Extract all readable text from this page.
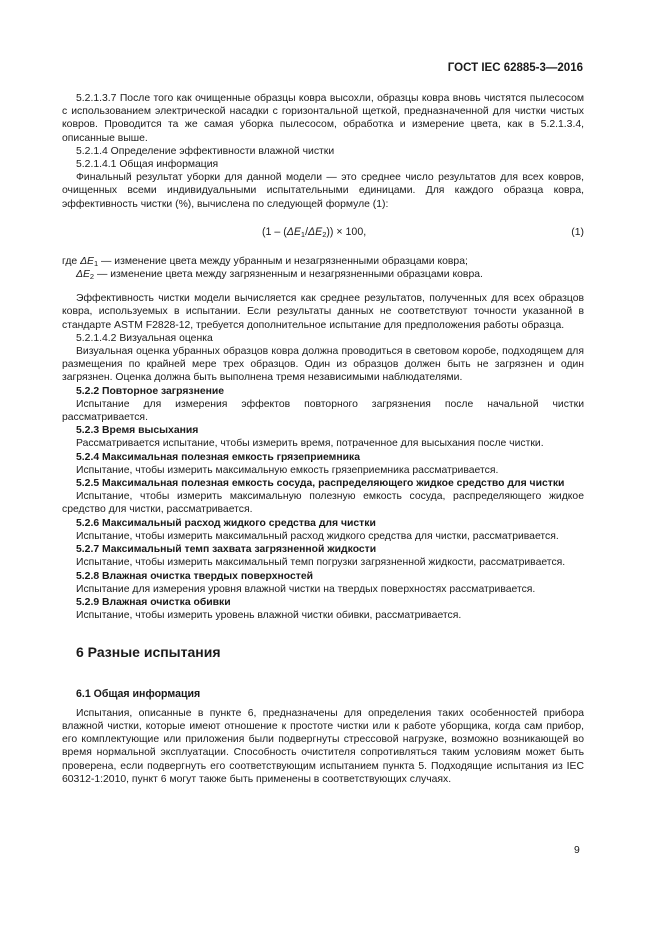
ГОСТ IEC 62885-3—2016

5.2.1.3.7 После того как очищенные образцы ковра высохли, образцы ковра вновь чистятся пылесосом с использованием электрической насадки с горизонтальной щеткой, предназначенной для чистки чистых ковров. Проводится та же самая уборка пылесосом, обработка и измерение цвета, как в 5.2.1.3.4, описанные выше.

5.2.1.4 Определение эффективности влажной чистки

5.2.1.4.1 Общая информация

Финальный результат уборки для данной модели — это среднее число результатов для всех ковров, очищенных всеми индивидуальными испытательными единицами. Для каждого образца ковра, эффективность чистки (%), вычислена по следующей формуле (1):

$(1 - (\Delta E_1/\Delta E_2)) \times 100$,	(1)

где $\Delta E_1$ — изменение цвета между убранным и незагрязненными образцами ковра;

$\Delta E_2$ — изменение цвета между загрязненным и незагрязненными образцами ковра.

Эффективность чистки модели вычисляется как среднее результатов, полученных для всех образцов ковра, используемых в испытании. Если результаты данных не соответствуют точности указанной в стандарте ASTM F2828-12, требуется дополнительное испытание для предположения работы образца.

5.2.1.4.2 Визуальная оценка

Визуальная оценка убранных образцов ковра должна проводиться в световом коробе, подходящем для размещения по крайней мере трех образцов. Один из образцов должен быть не загрязнен и один загрязнен. Оценка должна быть выполнена тремя независимыми наблюдателями.

5.2.2 Повторное загрязнение

Испытание для измерения эффектов повторного загрязнения после начальной чистки рассматривается.

5.2.3 Время высыхания

Рассматривается испытание, чтобы измерить время, потраченное для высыхания после чистки.

5.2.4 Максимальная полезная емкость грязеприемника

Испытание, чтобы измерить максимальную емкость грязеприемника рассматривается.

5.2.5 Максимальная полезная емкость сосуда, распределяющего жидкое средство для чистки

Испытание, чтобы измерить максимальную полезную емкость сосуда, распределяющего жидкое средство для чистки, рассматривается.

5.2.6 Максимальный расход жидкого средства для чистки

Испытание, чтобы измерить максимальный расход жидкого средства для чистки, рассматривается.

5.2.7 Максимальный темп захвата загрязненной жидкости

Испытание, чтобы измерить максимальный темп погрузки загрязненной жидкости, рассматривается.

5.2.8 Влажная очистка твердых поверхностей

Испытание для измерения уровня влажной чистки на твердых поверхностях рассматривается.

5.2.9 Влажная очистка обивки

Испытание, чтобы измерить уровень влажной чистки обивки, рассматривается.

6 Разные испытания
6.1 Общая информация

Испытания, описанные в пункте 6, предназначены для определения таких особенностей прибора влажной чистки, которые имеют отношение к простоте чистки или к работе уборщика, когда сам прибор, его комплектующие или приложения были подвергнуты стрессовой нагрузке, возможно возникающей во время нормальной эксплуатации. Способность очистителя сопротивляться таким условиям может быть проверена, если подвергнуть его соответствующим испытанием пункта 5. Подходящие испытания из IEC 60312-1:2010, пункт 6 могут также быть применены в соответствующих случаях.

9
